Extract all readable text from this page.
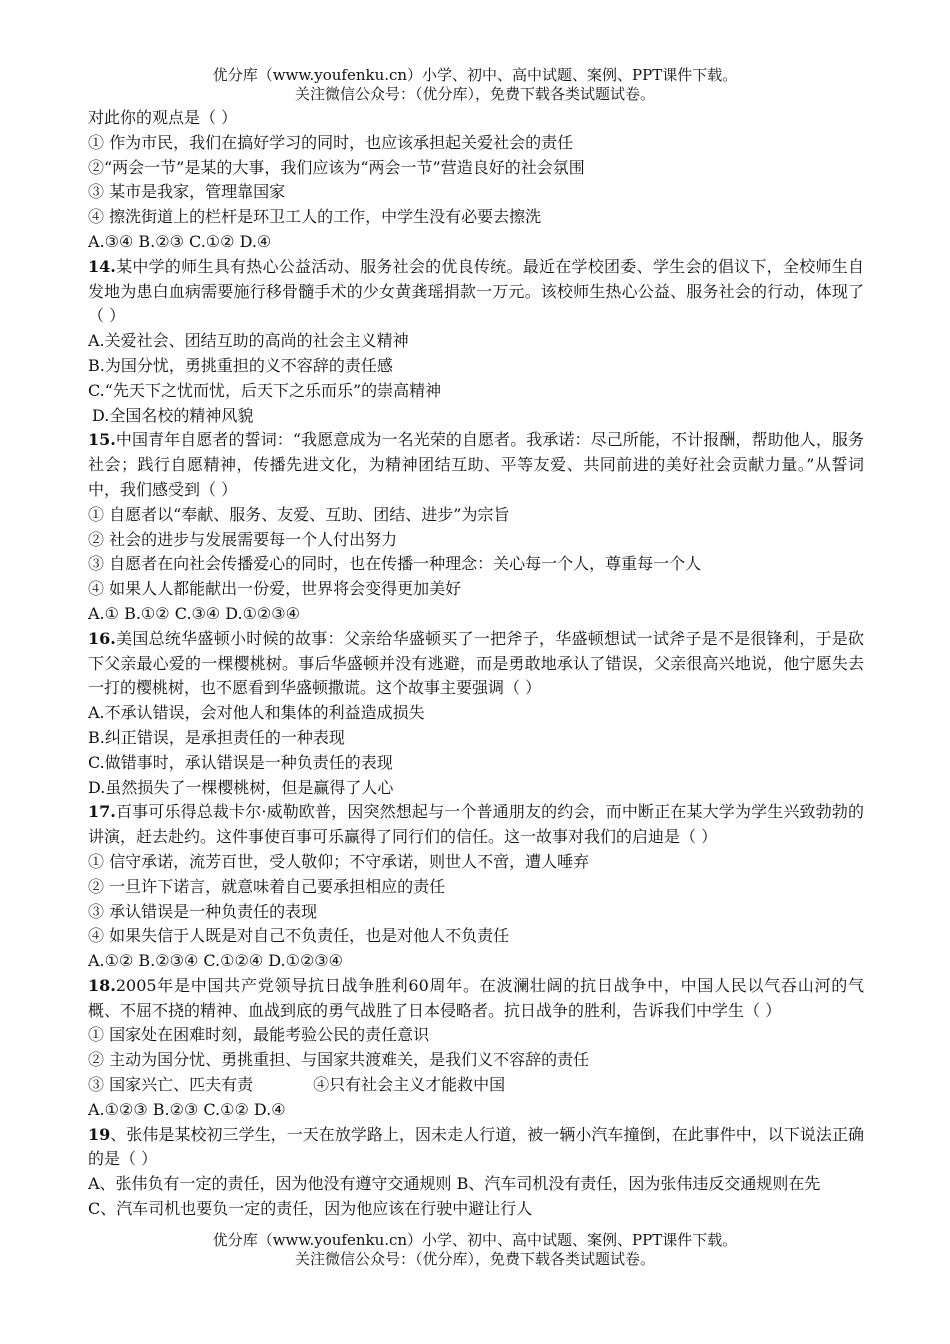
优分库（www.youfenku.cn）小学、初中、高中试题、案例、PPT课件下载。
关注微信公众号：（优分库），免费下载各类试题试卷。
对此你的观点是（ ）
① 作为市民，我们在搞好学习的同时，也应该承担起关爱社会的责任
②“两会一节”是某的大事，我们应该为“两会一节”营造良好的社会氛围
③ 某市是我家，管理靠国家
④ 擦洗街道上的栏杆是环卫工人的工作，中学生没有必要去擦洗
A.③④ B.②③ C.①② D.④
14.某中学的师生具有热心公益活动、服务社会的优良传统。最近在学校团委、学生会的倡议下，全校师生自发地为患白血病需要施行移骨髓手术的少女黄龚瑶捐款一万元。该校师生热心公益、服务社会的行动，体现了（ ）
A.关爱社会、团结互助的高尚的社会主义精神
B.为国分忧，勇挑重担的义不容辞的责任感
C.“先天下之忧而忧，后天下之乐而乐”的崇高精神
D.全国名校的精神风貌
15.中国青年自愿者的誓词：“我愿意成为一名光荣的自愿者。我承诺：尽己所能，不计报酬，帮助他人，服务社会；践行自愿精神，传播先进文化，为精神团结互助、平等友爱、共同前进的美好社会贡献力量。”从誓词中，我们感受到（ ）
① 自愿者以“奉献、服务、友爱、互助、团结、进步”为宗旨
② 社会的进步与发展需要每一个人付出努力
③ 自愿者在向社会传播爱心的同时，也在传播一种理念：关心每一个人，尊重每一个人
④ 如果人人都能献出一份爱，世界将会变得更加美好
A.① B.①② C.③④ D.①②③④
16.美国总统华盛顿小时候的故事：父亲给华盛顿买了一把斧子，华盛顿想试一试斧子是不是很锋利，于是砍下父亲最心爱的一棵樱桃树。事后华盛顿并没有逃避，而是勇敢地承认了错误，父亲很高兴地说，他宁愿失去一打的樱桃树，也不愿看到华盛顿撒谎。这个故事主要强调（ ）
A.不承认错误，会对他人和集体的利益造成损失
B.纠正错误，是承担责任的一种表现
C.做错事时，承认错误是一种负责任的表现
D.虽然损失了一棵樱桃树，但是赢得了人心
17.百事可乐得总裁卡尔·威勒欧普，因突然想起与一个普通朋友的约会，而中断正在某大学为学生兴致勃勃的讲演，赶去赴约。这件事使百事可乐赢得了同行们的信任。这一故事对我们的启迪是（ ）
① 信守承诺，流芳百世，受人敬仰；不守承诺，则世人不啻，遭人唾弃
② 一旦许下诺言，就意味着自己要承担相应的责任
③ 承认错误是一种负责任的表现
④ 如果失信于人既是对自己不负责任，也是对他人不负责任
A.①② B.②③④ C.①②④ D.①②③④
18.2005年是中国共产党领导抗日战争胜利60周年。在波澜壮阔的抗日战争中，中国人民以气吞山河的气概、不屈不挠的精神、血战到底的勇气战胜了日本侵略者。抗日战争的胜利，告诉我们中学生（ ）
① 国家处在困难时刻，最能考验公民的责任意识
② 主动为国分忧、勇挑重担、与国家共渡难关，是我们义不容辞的责任
③ 国家兴亡、匹夫有责	④只有社会主义才能救中国
A.①②③ B.②③ C.①② D.④
19、张伟是某校初三学生，一天在放学路上，因未走人行道，被一辆小汽车撞倒，在此事件中，以下说法正确的是（ ）
A、张伟负有一定的责任，因为他没有遵守交通规则 B、汽车司机没有责任，因为张伟违反交通规则在先
C、汽车司机也要负一定的责任，因为他应该在行驶中避让行人
优分库（www.youfenku.cn）小学、初中、高中试题、案例、PPT课件下载。
关注微信公众号：（优分库），免费下载各类试题试卷。
